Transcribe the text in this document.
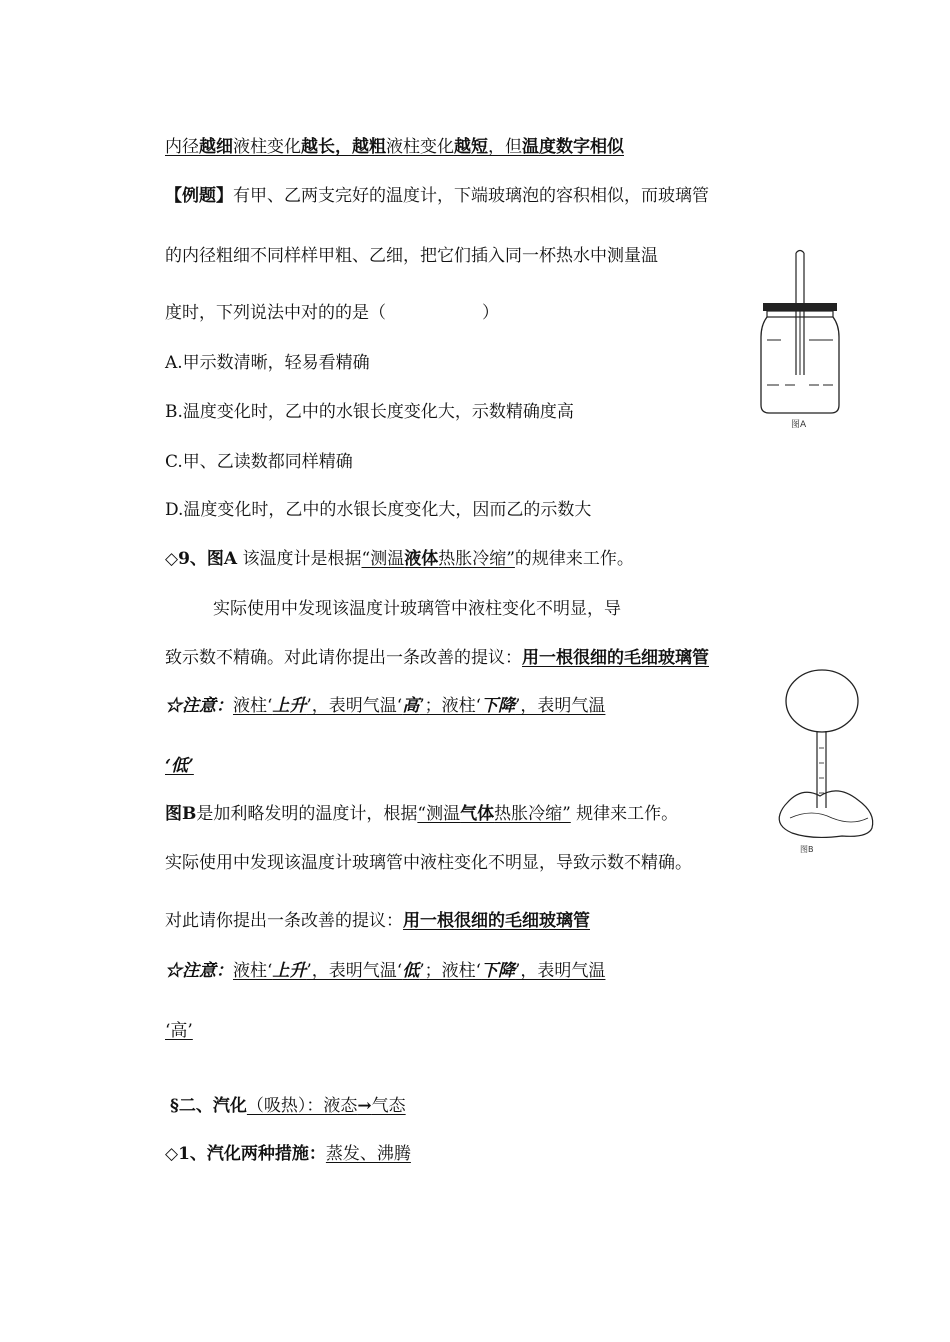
内径越细液柱变化越长，越粗液柱变化越短，但温度数字相似
【例题】有甲、乙两支完好的温度计，下端玻璃泡的容积相似，而玻璃管
的内径粗细不同样样甲粗、乙细，把它们插入同一杯热水中测量温
度时，下列说法中对的的是（	）
A.甲示数清晰，轻易看精确
B.温度变化时，乙中的水银长度变化大，示数精确度高
C.甲、乙读数都同样精确
D.温度变化时，乙中的水银长度变化大，因而乙的示数大
◇9、图A 该温度计是根据“测温液体热胀冷缩”的规律来工作。
实际使用中发现该温度计玻璃管中液柱变化不明显，导
致示数不精确。对此请你提出一条改善的提议：用一根很细的毛细玻璃管
☆注意：液柱‘上升’，表明气温‘高’；液柱‘下降’，表明气温
‘低’
图B是加利略发明的温度计，根据“测温气体热胀冷缩” 规律来工作。
实际使用中发现该温度计玻璃管中液柱变化不明显，导致示数不精确。
对此请你提出一条改善的提议：用一根很细的毛细玻璃管
☆注意：液柱‘上升’，表明气温‘低’；液柱‘下降’，表明气温
‘高’
§二、汽化（吸热）：液态→气态
◇1、汽化两种措施：蒸发、沸腾
图A
图B
